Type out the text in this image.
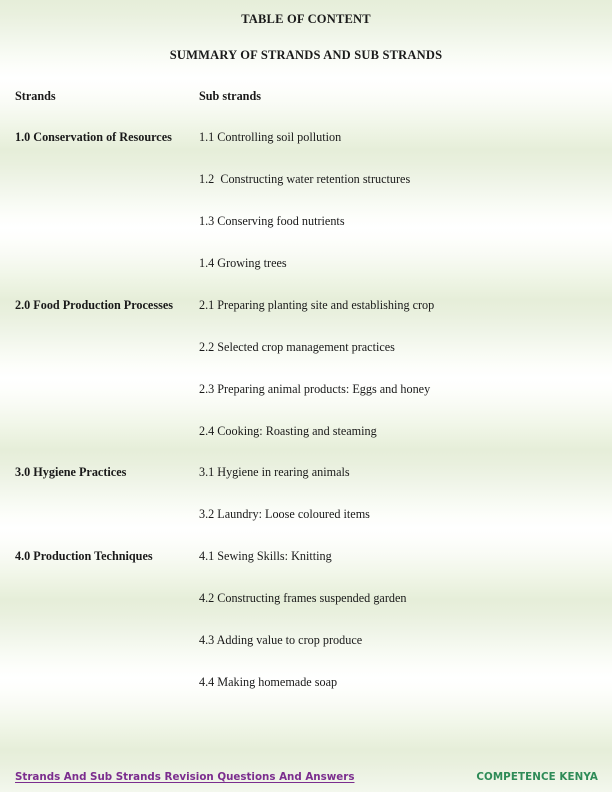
TABLE OF CONTENT
SUMMARY OF STRANDS AND SUB STRANDS
Strands	Sub strands
1.0 Conservation of Resources	1.1 Controlling soil pollution
1.2  Constructing water retention structures
1.3 Conserving food nutrients
1.4 Growing trees
2.0 Food Production Processes	2.1 Preparing planting site and establishing crop
2.2 Selected crop management practices
2.3 Preparing animal products: Eggs and honey
2.4 Cooking: Roasting and steaming
3.0 Hygiene Practices	3.1 Hygiene in rearing animals
3.2 Laundry: Loose coloured items
4.0 Production Techniques	4.1 Sewing Skills: Knitting
4.2 Constructing frames suspended garden
4.3 Adding value to crop produce
4.4 Making homemade soap
Strands And Sub Strands Revision Questions And Answers	COMPETENCE KENYA
